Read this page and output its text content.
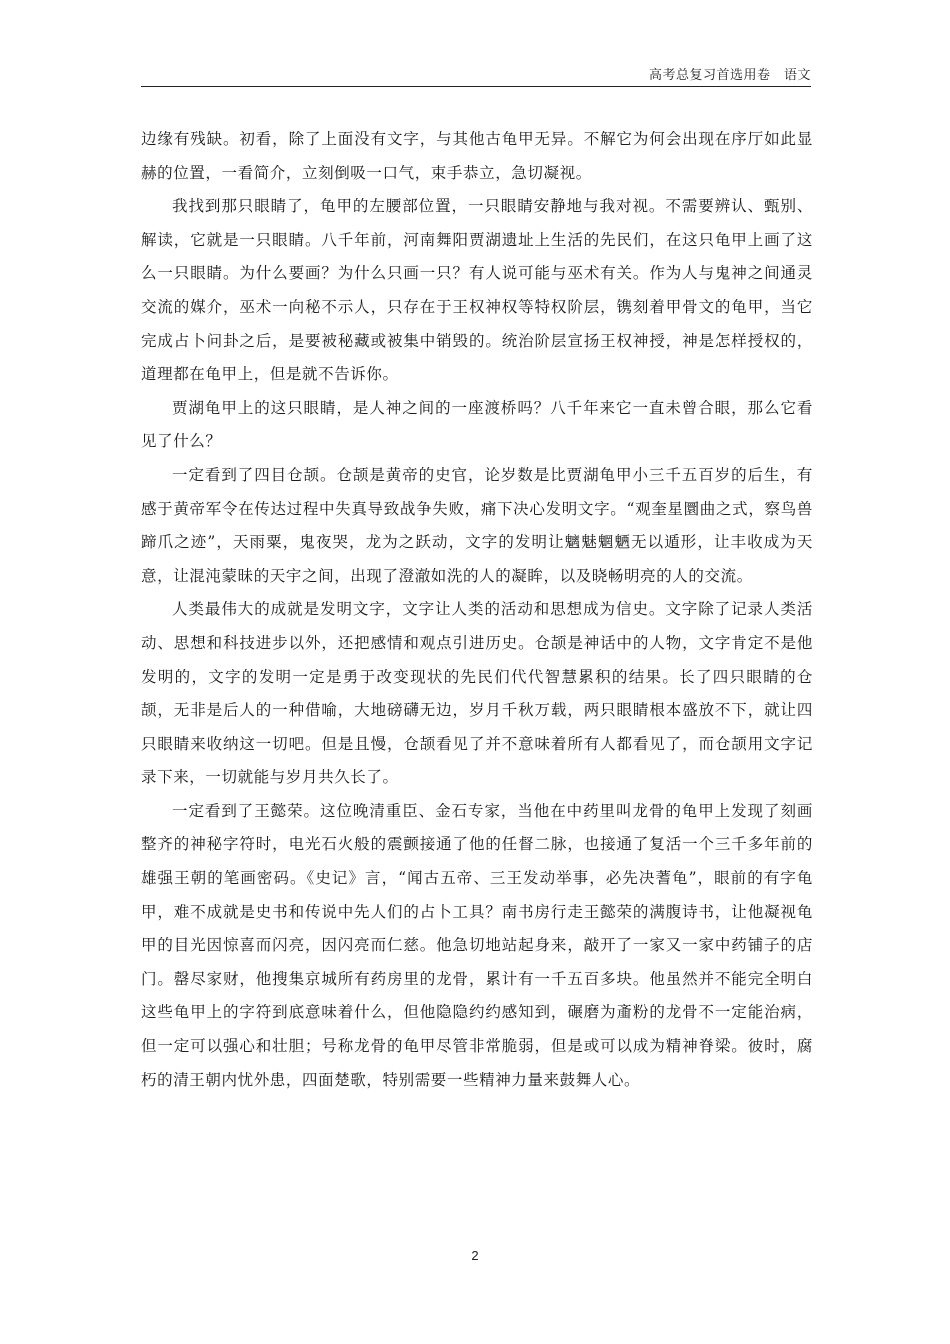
高考总复习首选用卷　语文

边缘有残缺。初看，除了上面没有文字，与其他古龟甲无异。不解它为何会出现在序厅如此显赫的位置，一看简介，立刻倒吸一口气，束手恭立，急切凝视。

我找到那只眼睛了，龟甲的左腰部位置，一只眼睛安静地与我对视。不需要辨认、甄别、解读，它就是一只眼睛。八千年前，河南舞阳贾湖遗址上生活的先民们，在这只龟甲上画了这么一只眼睛。为什么要画？为什么只画一只？有人说可能与巫术有关。作为人与鬼神之间通灵交流的媒介，巫术一向秘不示人，只存在于王权神权等特权阶层，镌刻着甲骨文的龟甲，当它完成占卜问卦之后，是要被秘藏或被集中销毁的。统治阶层宣扬王权神授，神是怎样授权的，道理都在龟甲上，但是就不告诉你。

贾湖龟甲上的这只眼睛，是人神之间的一座渡桥吗？八千年来它一直未曾合眼，那么它看见了什么？

一定看到了四目仓颉。仓颉是黄帝的史官，论岁数是比贾湖龟甲小三千五百岁的后生，有感于黄帝军令在传达过程中失真导致战争失败，痛下决心发明文字。“观奎星圜曲之式，察鸟兽蹄爪之迹”，天雨粟，鬼夜哭，龙为之跃动，文字的发明让魑魅魍魉无以遁形，让丰收成为天意，让混沌蒙昧的天宇之间，出现了澄澈如洗的人的凝眸，以及晓畅明亮的人的交流。

人类最伟大的成就是发明文字，文字让人类的活动和思想成为信史。文字除了记录人类活动、思想和科技进步以外，还把感情和观点引进历史。仓颉是神话中的人物，文字肯定不是他发明的，文字的发明一定是勇于改变现状的先民们代代智慧累积的结果。长了四只眼睛的仓颉，无非是后人的一种借喻，大地磅礴无边，岁月千秋万载，两只眼睛根本盛放不下，就让四只眼睛来收纳这一切吧。但是且慢，仓颉看见了并不意味着所有人都看见了，而仓颉用文字记录下来，一切就能与岁月共久长了。

一定看到了王懿荣。这位晚清重臣、金石专家，当他在中药里叫龙骨的龟甲上发现了刻画整齐的神秘字符时，电光石火般的震颤接通了他的任督二脉，也接通了复活一个三千多年前的雄强王朝的笔画密码。《史记》言，“闻古五帝、三王发动举事，必先决蓍龟”，眼前的有字龟甲，难不成就是史书和传说中先人们的占卜工具？南书房行走王懿荣的满腹诗书，让他凝视龟甲的目光因惊喜而闪亮，因闪亮而仁慈。他急切地站起身来，敲开了一家又一家中药铺子的店门。罄尽家财，他搜集京城所有药房里的龙骨，累计有一千五百多块。他虽然并不能完全明白这些龟甲上的字符到底意味着什么，但他隐隐约约感知到，碾磨为齑粉的龙骨不一定能治病，但一定可以强心和壮胆；号称龙骨的龟甲尽管非常脆弱，但是或可以成为精神脊梁。彼时，腐朽的清王朝内忧外患，四面楚歌，特别需要一些精神力量来鼓舞人心。

2
